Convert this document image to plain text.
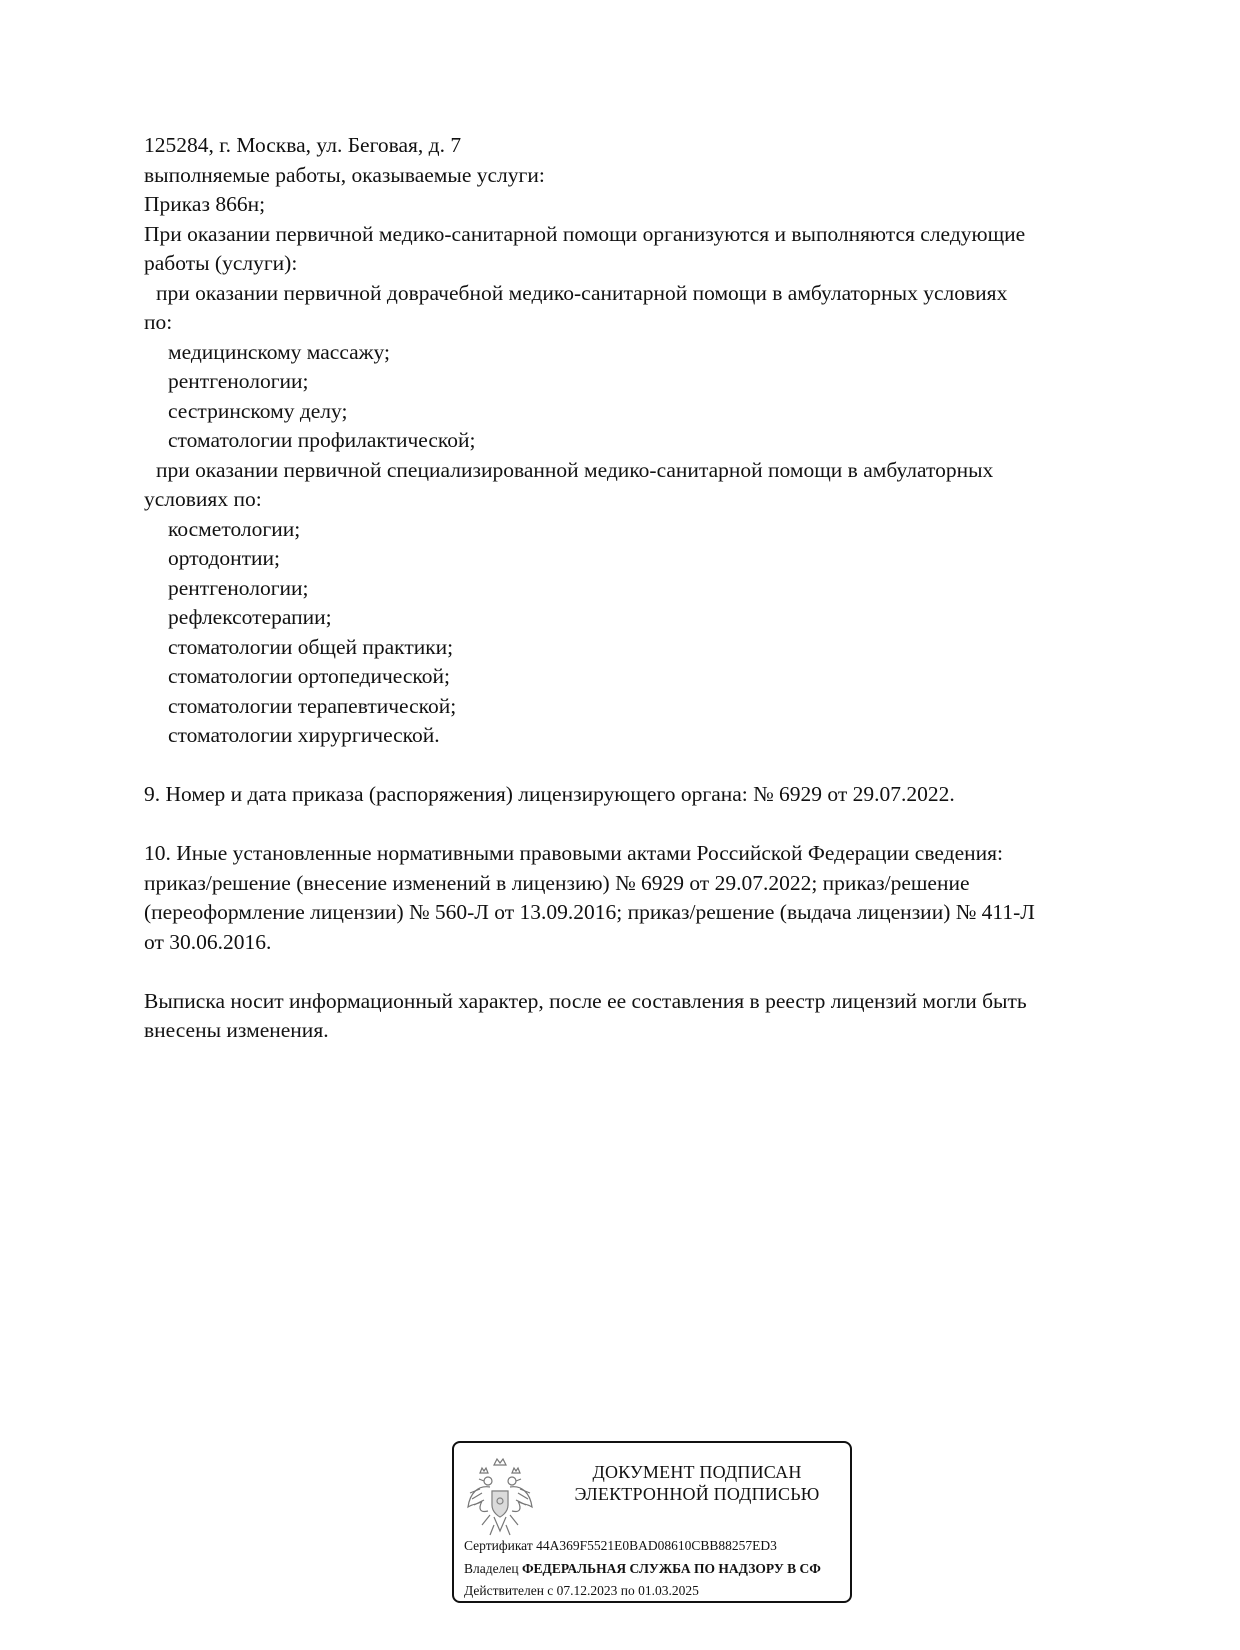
125284, г. Москва, ул. Беговая, д. 7
выполняемые работы, оказываемые услуги:
Приказ 866н;
При оказании первичной медико-санитарной помощи организуются и выполняются следующие
работы (услуги):
при оказании первичной доврачебной медико-санитарной помощи в амбулаторных условиях
по:
медицинскому массажу;
рентгенологии;
сестринскому делу;
стоматологии профилактической;
при оказании первичной специализированной медико-санитарной помощи в амбулаторных
условиях по:
косметологии;
ортодонтии;
рентгенологии;
рефлексотерапии;
стоматологии общей практики;
стоматологии ортопедической;
стоматологии терапевтической;
стоматологии хирургической.
9. Номер и дата приказа (распоряжения) лицензирующего органа: № 6929 от 29.07.2022.
10. Иные установленные нормативными правовыми актами Российской Федерации сведения:
приказ/решение (внесение изменений в лицензию) № 6929 от 29.07.2022; приказ/решение
(переоформление лицензии) № 560-Л от 13.09.2016; приказ/решение (выдача лицензии) № 411-Л
от 30.06.2016.
Выписка носит информационный характер, после ее составления в реестр лицензий могли быть
внесены изменения.
ДОКУМЕНТ ПОДПИСАН
ЭЛЕКТРОННОЙ ПОДПИСЬЮ
Сертификат 44A369F5521E0BAD08610CBB88257ED3
Владелец ФЕДЕРАЛЬНАЯ СЛУЖБА ПО НАДЗОРУ В СФ
Действителен с 07.12.2023 по 01.03.2025
